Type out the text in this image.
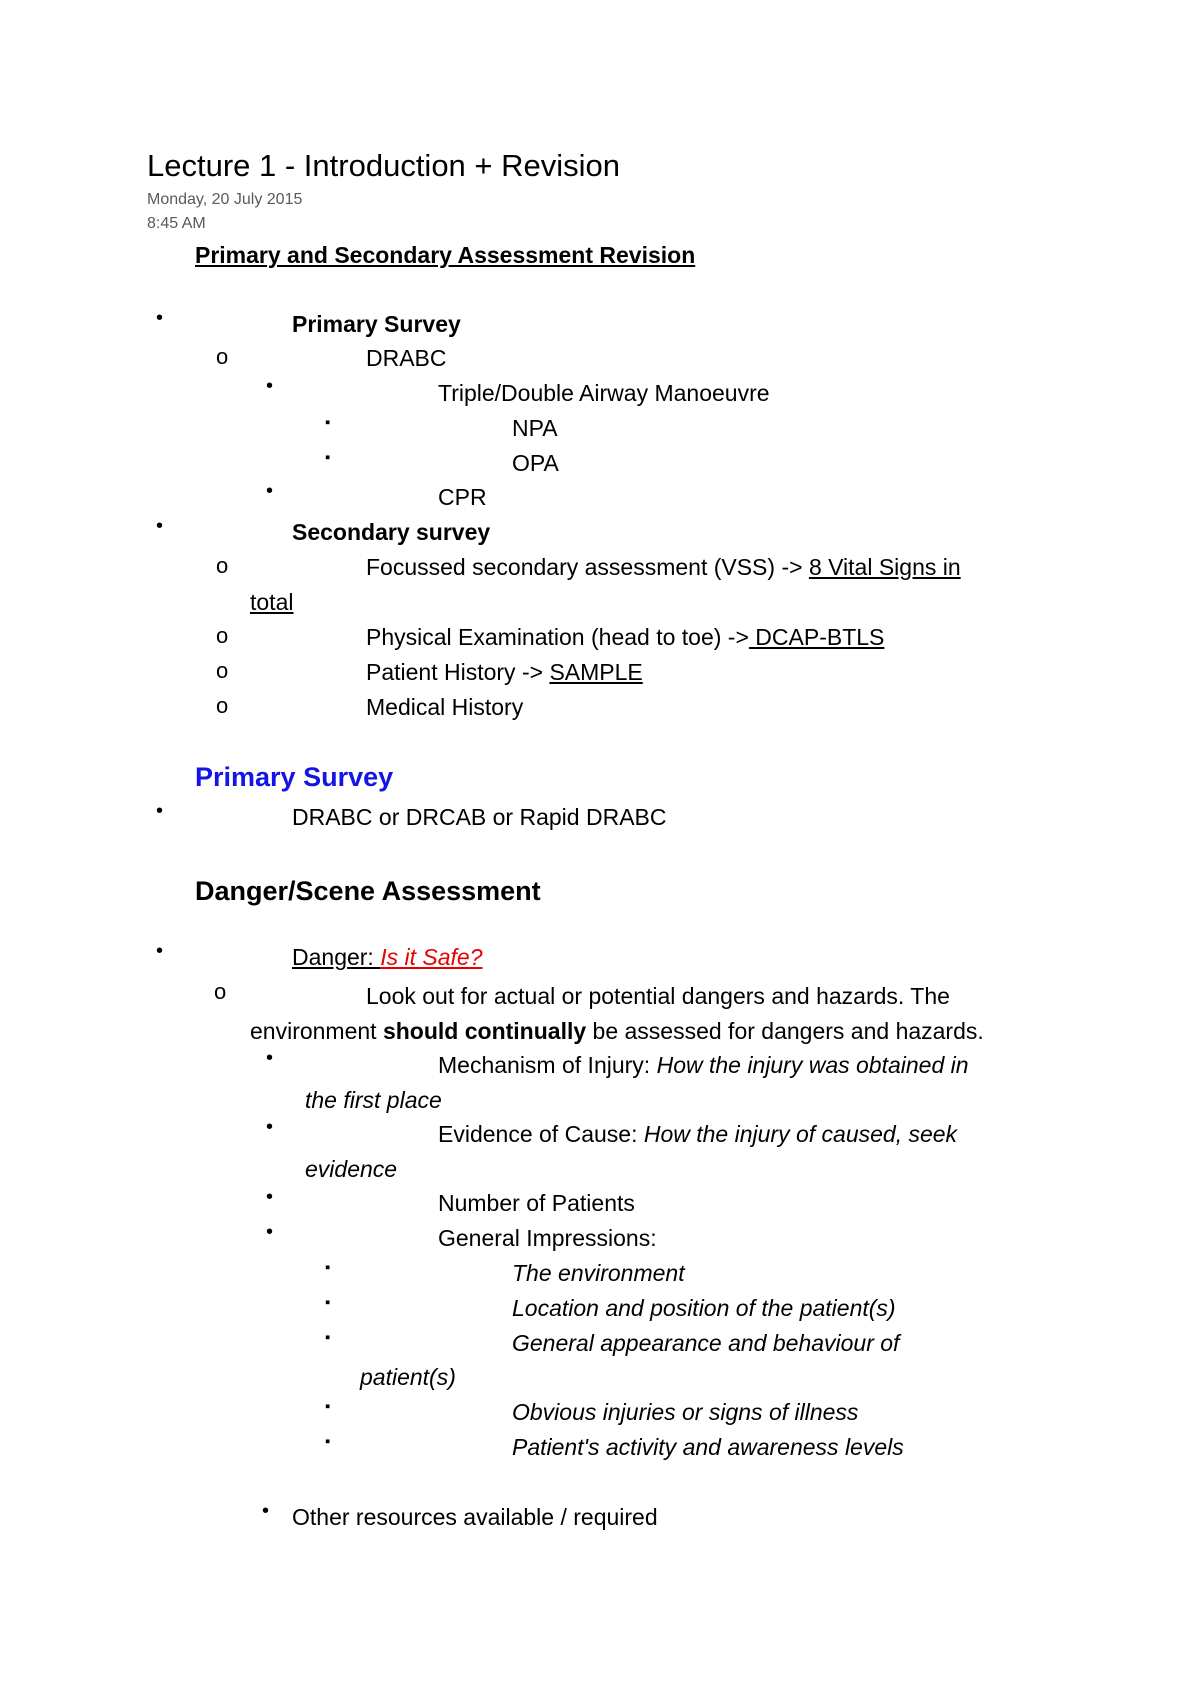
Lecture 1 - Introduction + Revision
Monday, 20 July 2015
8:45 AM
Primary and Secondary Assessment Revision
•	Primary Survey
o	DRABC
•	Triple/Double Airway Manoeuvre
▪	NPA
▪	OPA
•	CPR
•	Secondary survey
o	Focussed secondary assessment (VSS) -> 8 Vital Signs in
total
o	Physical Examination (head to toe) -> DCAP-BTLS
o	Patient History -> SAMPLE
o	Medical History
Primary Survey
•	DRABC or DRCAB or Rapid DRABC
Danger/Scene Assessment
•	Danger: Is it Safe?
o	Look out for actual or potential dangers and hazards. The
environment should continually be assessed for dangers and hazards.
•	Mechanism of Injury: How the injury was obtained in
the first place
•	Evidence of Cause: How the injury of caused, seek
evidence
•	Number of Patients
•	General Impressions:
▪	The environment
▪	Location and position of the patient(s)
▪	General appearance and behaviour of
patient(s)
▪	Obvious injuries or signs of illness
▪	Patient's activity and awareness levels
• Other resources available / required
